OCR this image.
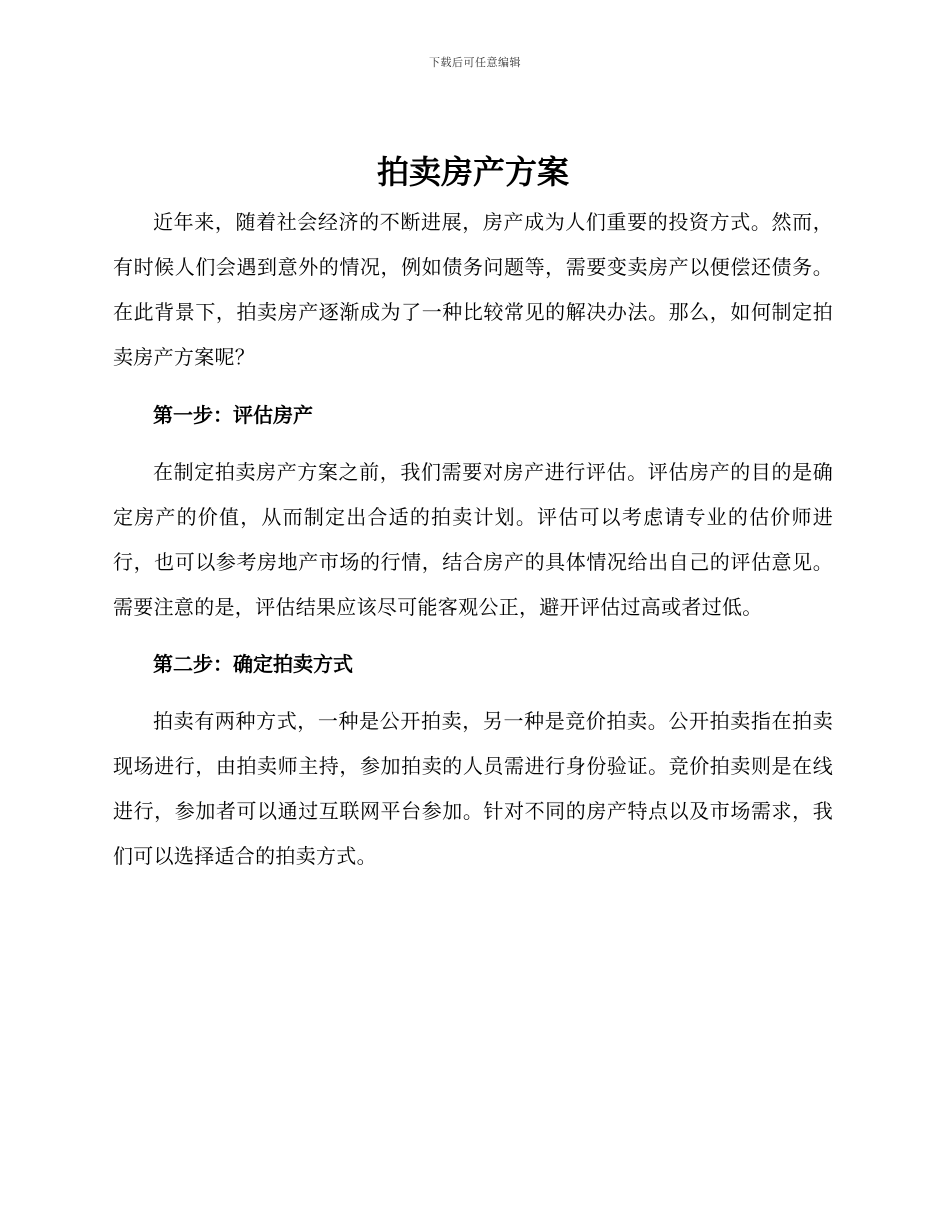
下载后可任意编辑
拍卖房产方案

近年来，随着社会经济的不断进展，房产成为人们重要的投资方式。然而，有时候人们会遇到意外的情况，例如债务问题等，需要变卖房产以便偿还债务。在此背景下，拍卖房产逐渐成为了一种比较常见的解决办法。那么，如何制定拍卖房产方案呢？

第一步：评估房产

在制定拍卖房产方案之前，我们需要对房产进行评估。评估房产的目的是确定房产的价值，从而制定出合适的拍卖计划。评估可以考虑请专业的估价师进行，也可以参考房地产市场的行情，结合房产的具体情况给出自己的评估意见。需要注意的是，评估结果应该尽可能客观公正，避开评估过高或者过低。

第二步：确定拍卖方式

拍卖有两种方式，一种是公开拍卖，另一种是竞价拍卖。公开拍卖指在拍卖现场进行，由拍卖师主持，参加拍卖的人员需进行身份验证。竞价拍卖则是在线进行，参加者可以通过互联网平台参加。针对不同的房产特点以及市场需求，我们可以选择适合的拍卖方式。
